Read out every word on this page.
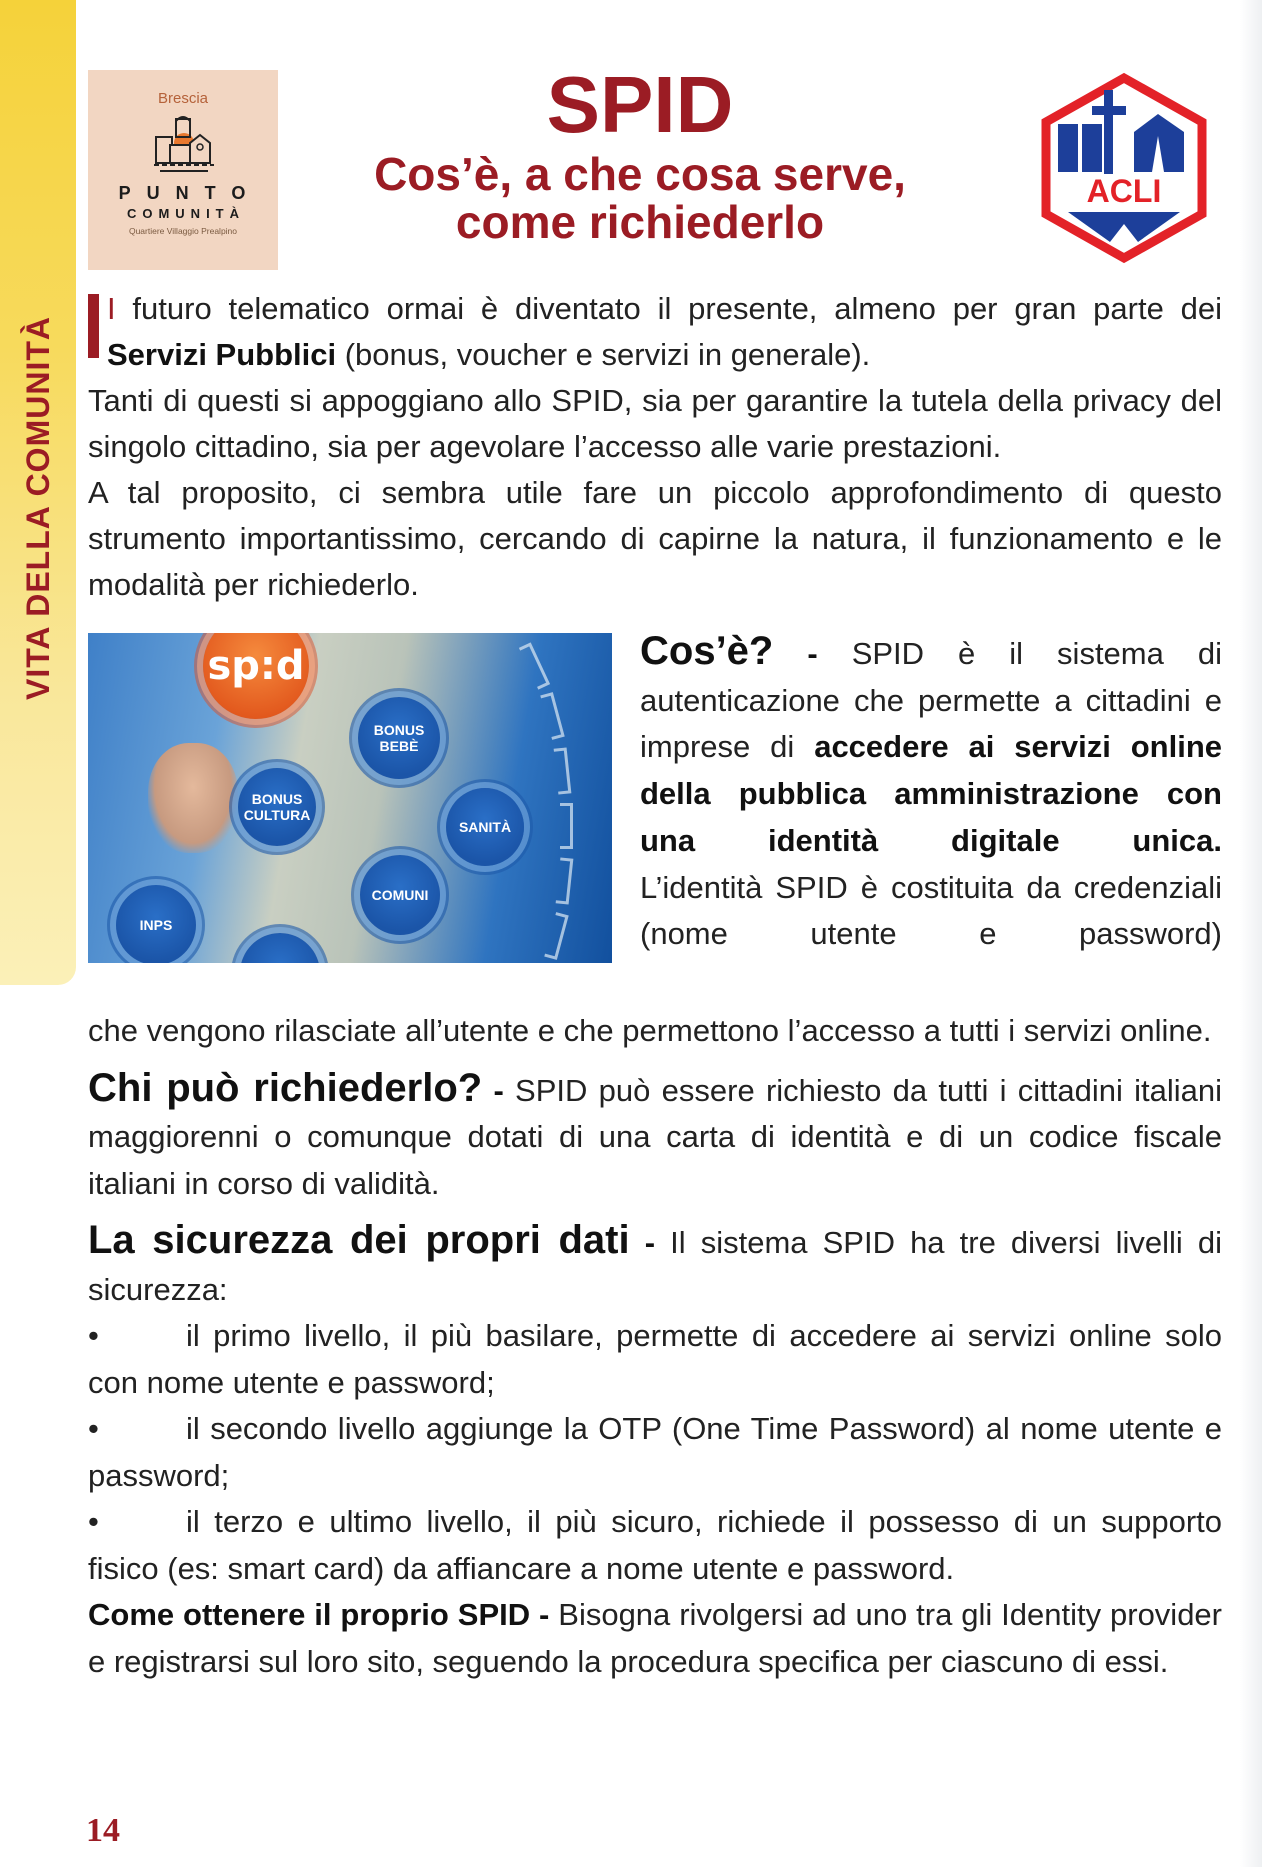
VITA DELLA COMUNITÀ
Brescia
PUNTO
COMUNITÀ
Quartiere Villaggio Prealpino
SPID
Cos’è, a che cosa serve,
come richiederlo
ACLI
I futuro telematico ormai è diventato il presente, almeno per gran parte dei Servizi Pubblici (bonus, voucher e servizi in generale).
Tanti di questi si appoggiano allo SPID, sia per garantire la tutela della privacy del singolo cittadino, sia per agevolare l’accesso alle varie prestazioni.
A tal proposito, ci sembra utile fare un piccolo approfondimento di questo strumento importantissimo, cercando di capirne la natura, il funzionamento e le modalità per richiederlo.
sp:d
BONUS BEBÈ
BONUS CULTURA
SANITÀ
COMUNI
INPS
Cos’è? - SPID è il sistema di autenticazione che permette a cittadini e imprese di accedere ai servizi online della pubblica amministrazione con una identità digitale unica.
L’identità SPID è costituita da credenziali (nome utente e password)

che vengono rilasciate all’utente e che permettono l’accesso a tutti i servizi online.

Chi può richiederlo? - SPID può essere richiesto da tutti i cittadini italiani maggiorenni o comunque dotati di una carta di identità e di un codice fiscale italiani in corso di validità.

La sicurezza dei propri dati - Il sistema SPID ha tre diversi livelli di sicurezza:

•	il primo livello, il più basilare, permette di accedere ai servizi online solo con nome utente e password;

•	il secondo livello aggiunge la OTP (One Time Password) al nome utente e password;

•	il terzo e ultimo livello, il più sicuro, richiede il possesso di un supporto fisico (es: smart card) da affiancare a nome utente e password.

Come ottenere il proprio SPID - Bisogna rivolgersi ad uno tra gli Identity provider e registrarsi sul loro sito, seguendo la procedura specifica per ciascuno di essi.

14
